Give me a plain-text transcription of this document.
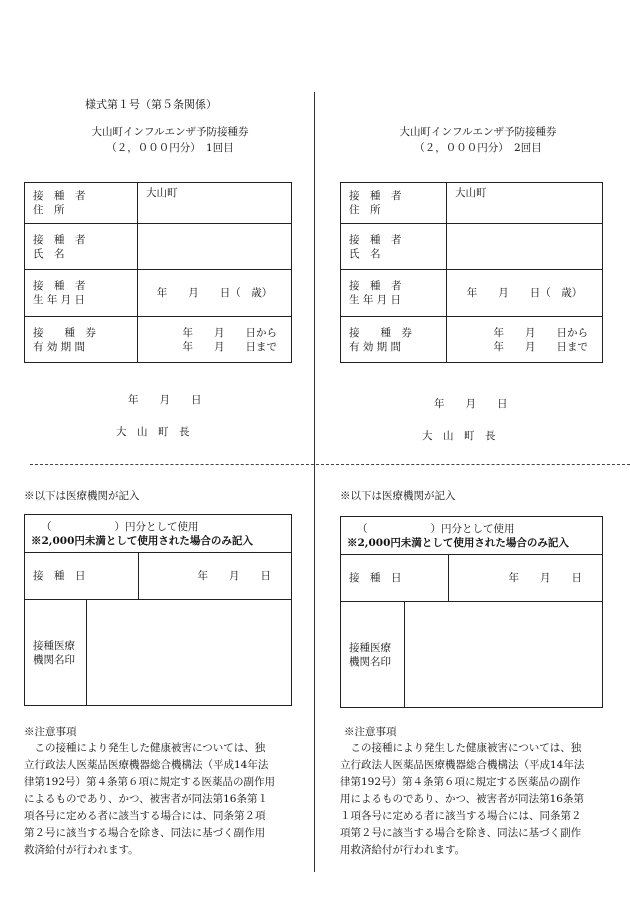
様式第１号（第５条関係）
大山町インフルエンザ予防接種券
（２，０００円分）　 1回目
接　種　者
住　所	大山町
接　種　者
氏　名	
接　種　者
生 年 月 日	年　　月　　日（　歳）
接　　種　券
有 効 期 間	年　　月　　日から
年　　月　　日まで
年　　月　　日
大　山　町　長
※以下は医療機関が記入
（　　　　　　）円分として使用
※2,000円未満として使用された場合のみ記入		

接　種　日		年　　月　　日
接種医療
機関名印		
※注意事項
　この接種により発生した健康被害については、独
立行政法人医薬品医療機器総合機構法（平成14年法
律第192号）第４条第６項に規定する医薬品の副作用
によるものであり、かつ、被害者が同法第16条第１
項各号に定める者に該当する場合には、同条第２項
第２号に該当する場合を除き、同法に基づく副作用
救済給付が行われます。
大山町インフルエンザ予防接種券
（２，０００円分）　 2回目
接　種　者
住　所	大山町
接　種　者
氏　名	
接　種　者
生 年 月 日	年　　月　　日（　歳）
接　　種　券
有 効 期 間	年　　月　　日から
年　　月　　日まで
年　　月　　日
大　山　町　長
※以下は医療機関が記入
（　　　　　　）円分として使用
※2,000円未満として使用された場合のみ記入		

接　種　日		年　　月　　日
接種医療
機関名印		
※注意事項
　この接種により発生した健康被害については、独
立行政法人医薬品医療機器総合機構法（平成14年法
律第192号）第４条第６項に規定する医薬品の副作
用によるものであり、かつ、被害者が同法第16条第
１項各号に定める者に該当する場合には、同条第２
項第２号に該当する場合を除き、同法に基づく副作
用救済給付が行われます。
